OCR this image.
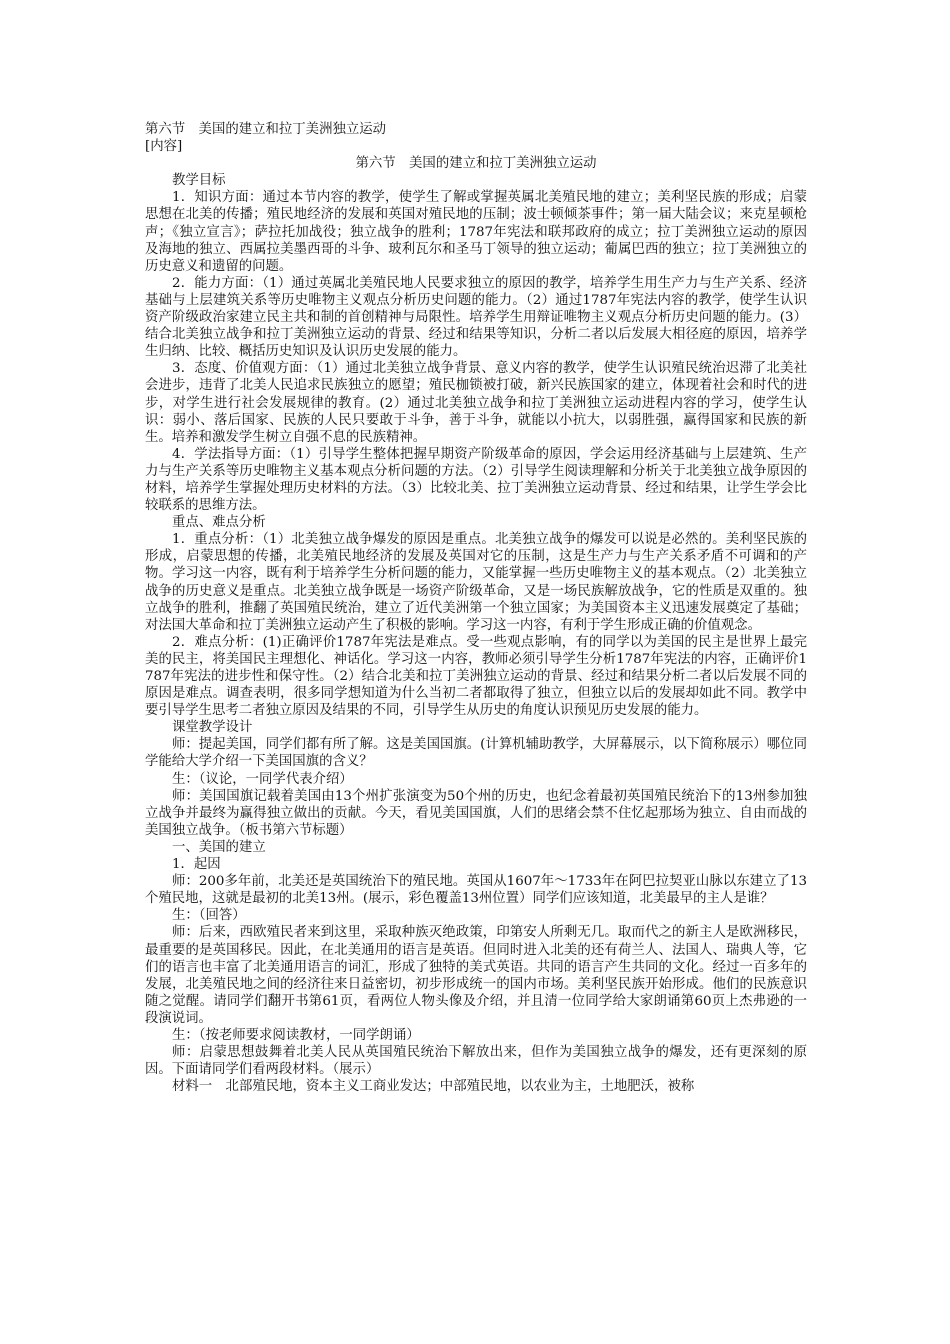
第六节　美国的建立和拉丁美洲独立运动

[内容]

第六节　美国的建立和拉丁美洲独立运动

教学目标

1．知识方面：通过本节内容的教学，使学生了解或掌握英属北美殖民地的建立；美利坚民族的形成；启蒙思想在北美的传播；殖民地经济的发展和英国对殖民地的压制；波士顿倾茶事件；第一届大陆会议；来克星顿枪声；《独立宣言》；萨拉托加战役；独立战争的胜利；1787年宪法和联邦政府的成立；拉丁美洲独立运动的原因及海地的独立、西属拉美墨西哥的斗争、玻利瓦尔和圣马丁领导的独立运动；葡属巴西的独立；拉丁美洲独立的历史意义和遗留的问题。

2．能力方面：（1）通过英属北美殖民地人民要求独立的原因的教学，培养学生用生产力与生产关系、经济基础与上层建筑关系等历史唯物主义观点分析历史问题的能力。（2）通过1787年宪法内容的教学，使学生认识资产阶级政治家建立民主共和制的首创精神与局限性。培养学生用辩证唯物主义观点分析历史问题的能力。(3）结合北美独立战争和拉丁美洲独立运动的背景、经过和结果等知识，分析二者以后发展大相径庭的原因，培养学生归纳、比较、概括历史知识及认识历史发展的能力。

3．态度、价值观方面：（1）通过北美独立战争背景、意义内容的教学，使学生认识殖民统治迟滞了北美社会进步，违背了北美人民追求民族独立的愿望；殖民枷锁被打破，新兴民族国家的建立，体现着社会和时代的进步，对学生进行社会发展规律的教育。(2）通过北美独立战争和拉丁美洲独立运动进程内容的学习，使学生认识：弱小、落后国家、民族的人民只要敢于斗争，善于斗争，就能以小抗大，以弱胜强，赢得国家和民族的新生。培养和激发学生树立自强不息的民族精神。

4．学法指导方面：（1）引导学生整体把握早期资产阶级革命的原因，学会运用经济基础与上层建筑、生产力与生产关系等历史唯物主义基本观点分析问题的方法。（2）引导学生阅读理解和分析关于北美独立战争原因的材料，培养学生掌握处理历史材料的方法。（3）比较北美、拉丁美洲独立运动背景、经过和结果，让学生学会比较联系的思维方法。

重点、难点分析

1．重点分析：（1）北美独立战争爆发的原因是重点。北美独立战争的爆发可以说是必然的。美利坚民族的形成，启蒙思想的传播，北美殖民地经济的发展及英国对它的压制，这是生产力与生产关系矛盾不可调和的产物。学习这一内容，既有利于培养学生分析问题的能力，又能掌握一些历史唯物主义的基本观点。（2）北美独立战争的历史意义是重点。北美独立战争既是一场资产阶级革命，又是一场民族解放战争，它的性质是双重的。独立战争的胜利，推翻了英国殖民统治，建立了近代美洲第一个独立国家；为美国资本主义迅速发展奠定了基础；对法国大革命和拉丁美洲独立运动产生了积极的影响。学习这一内容，有利于学生形成正确的价值观念。

2．难点分析：(1)正确评价1787年宪法是难点。受一些观点影响，有的同学以为美国的民主是世界上最完美的民主，将美国民主理想化、神话化。学习这一内容，教师必须引导学生分析1787年宪法的内容，正确评价1787年宪法的进步性和保守性。（2）结合北美和拉丁美洲独立运动的背景、经过和结果分析二者以后发展不同的原因是难点。调查表明，很多同学想知道为什么当初二者都取得了独立，但独立以后的发展却如此不同。教学中要引导学生思考二者独立原因及结果的不同，引导学生从历史的角度认识预见历史发展的能力。

课堂教学设计

师：提起美国，同学们都有所了解。这是美国国旗。(计算机辅助教学，大屏幕展示，以下简称展示）哪位同学能给大学介绍一下美国国旗的含义？

生：（议论，一同学代表介绍）

师：美国国旗记载着美国由13个州扩张演变为50个州的历史，也纪念着最初英国殖民统治下的13州参加独立战争并最终为赢得独立做出的贡献。今天，看见美国国旗，人们的思绪会禁不住忆起那场为独立、自由而战的美国独立战争。（板书第六节标题）

一、美国的建立

1．起因

师：200多年前，北美还是英国统治下的殖民地。英国从1607年～1733年在阿巴拉契亚山脉以东建立了13个殖民地，这就是最初的北美13州。(展示，彩色覆盖13州位置）同学们应该知道，北美最早的主人是谁？

生：（回答）

师：后来，西欧殖民者来到这里，采取种族灭绝政策，印第安人所剩无几。取而代之的新主人是欧洲移民，最重要的是英国移民。因此，在北美通用的语言是英语。但同时进入北美的还有荷兰人、法国人、瑞典人等，它们的语言也丰富了北美通用语言的词汇，形成了独特的美式英语。共同的语言产生共同的文化。经过一百多年的发展，北美殖民地之间的经济往来日益密切，初步形成统一的国内市场。美利坚民族开始形成。他们的民族意识随之觉醒。请同学们翻开书第61页，看两位人物头像及介绍，并且清一位同学给大家朗诵第60页上杰弗逊的一段演说词。

生：（按老师要求阅读教材，一同学朗诵）

师：启蒙思想鼓舞着北美人民从英国殖民统治下解放出来，但作为美国独立战争的爆发，还有更深刻的原因。下面请同学们看两段材料。（展示）

材料一　北部殖民地，资本主义工商业发达；中部殖民地，以农业为主，土地肥沃，被称
